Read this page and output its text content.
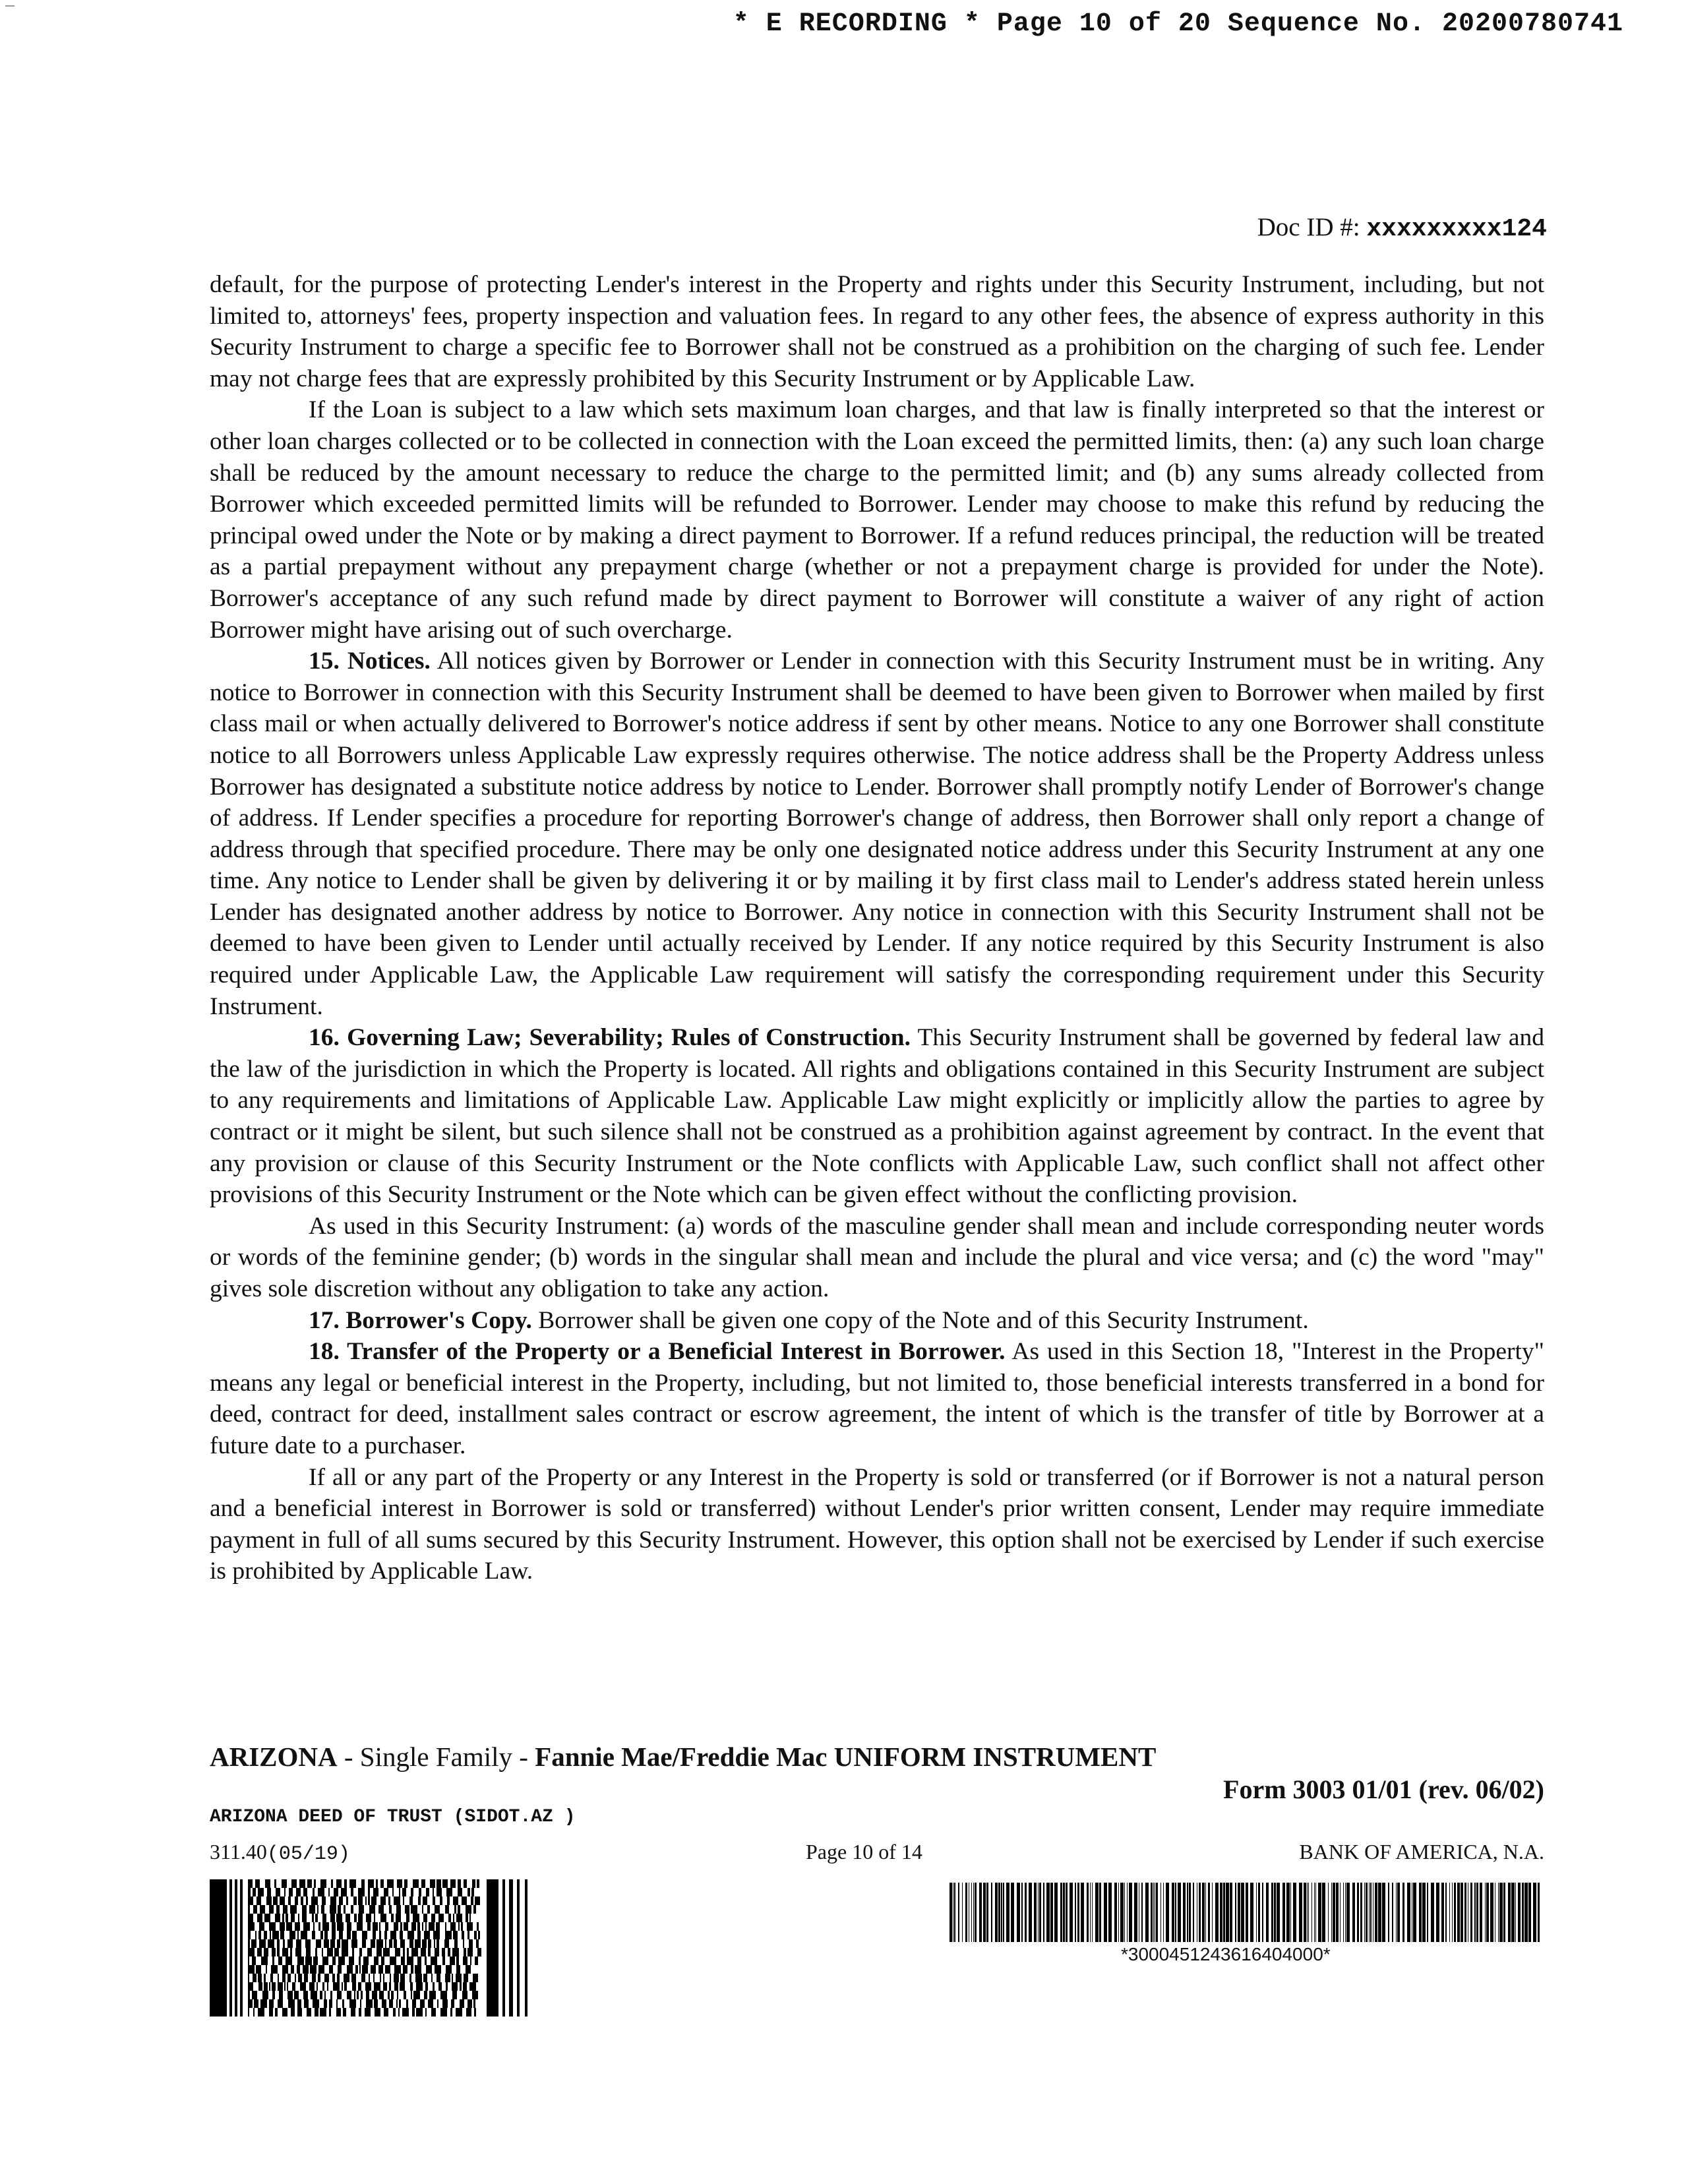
* E RECORDING * Page 10 of 20 Sequence No. 20200780741
Doc ID #: xxxxxxxxx124

default, for the purpose of protecting Lender's interest in the Property and rights under this Security Instrument, including, but not limited to, attorneys' fees, property inspection and valuation fees. In regard to any other fees, the absence of express authority in this Security Instrument to charge a specific fee to Borrower shall not be construed as a prohibition on the charging of such fee. Lender may not charge fees that are expressly prohibited by this Security Instrument or by Applicable Law.

If the Loan is subject to a law which sets maximum loan charges, and that law is finally interpreted so that the interest or other loan charges collected or to be collected in connection with the Loan exceed the permitted limits, then: (a) any such loan charge shall be reduced by the amount necessary to reduce the charge to the permitted limit; and (b) any sums already collected from Borrower which exceeded permitted limits will be refunded to Borrower. Lender may choose to make this refund by reducing the principal owed under the Note or by making a direct payment to Borrower. If a refund reduces principal, the reduction will be treated as a partial prepayment without any prepayment charge (whether or not a prepayment charge is provided for under the Note). Borrower's acceptance of any such refund made by direct payment to Borrower will constitute a waiver of any right of action Borrower might have arising out of such overcharge.

15. Notices. All notices given by Borrower or Lender in connection with this Security Instrument must be in writing. Any notice to Borrower in connection with this Security Instrument shall be deemed to have been given to Borrower when mailed by first class mail or when actually delivered to Borrower's notice address if sent by other means. Notice to any one Borrower shall constitute notice to all Borrowers unless Applicable Law expressly requires otherwise. The notice address shall be the Property Address unless Borrower has designated a substitute notice address by notice to Lender. Borrower shall promptly notify Lender of Borrower's change of address. If Lender specifies a procedure for reporting Borrower's change of address, then Borrower shall only report a change of address through that specified procedure. There may be only one designated notice address under this Security Instrument at any one time. Any notice to Lender shall be given by delivering it or by mailing it by first class mail to Lender's address stated herein unless Lender has designated another address by notice to Borrower. Any notice in connection with this Security Instrument shall not be deemed to have been given to Lender until actually received by Lender. If any notice required by this Security Instrument is also required under Applicable Law, the Applicable Law requirement will satisfy the corresponding requirement under this Security Instrument.

16. Governing Law; Severability; Rules of Construction. This Security Instrument shall be governed by federal law and the law of the jurisdiction in which the Property is located. All rights and obligations contained in this Security Instrument are subject to any requirements and limitations of Applicable Law. Applicable Law might explicitly or implicitly allow the parties to agree by contract or it might be silent, but such silence shall not be construed as a prohibition against agreement by contract. In the event that any provision or clause of this Security Instrument or the Note conflicts with Applicable Law, such conflict shall not affect other provisions of this Security Instrument or the Note which can be given effect without the conflicting provision.

As used in this Security Instrument: (a) words of the masculine gender shall mean and include corresponding neuter words or words of the feminine gender; (b) words in the singular shall mean and include the plural and vice versa; and (c) the word "may" gives sole discretion without any obligation to take any action.

17. Borrower's Copy. Borrower shall be given one copy of the Note and of this Security Instrument.

18. Transfer of the Property or a Beneficial Interest in Borrower. As used in this Section 18, "Interest in the Property" means any legal or beneficial interest in the Property, including, but not limited to, those beneficial interests transferred in a bond for deed, contract for deed, installment sales contract or escrow agreement, the intent of which is the transfer of title by Borrower at a future date to a purchaser.

If all or any part of the Property or any Interest in the Property is sold or transferred (or if Borrower is not a natural person and a beneficial interest in Borrower is sold or transferred) without Lender's prior written consent, Lender may require immediate payment in full of all sums secured by this Security Instrument. However, this option shall not be exercised by Lender if such exercise is prohibited by Applicable Law.

ARIZONA - Single Family - Fannie Mae/Freddie Mac UNIFORM INSTRUMENT
Form 3003 01/01 (rev. 06/02)
ARIZONA DEED OF TRUST (SIDOT.AZ )
311.40(05/19)	Page 10 of 14	BANK OF AMERICA, N.A.
*3000451243616404000*
